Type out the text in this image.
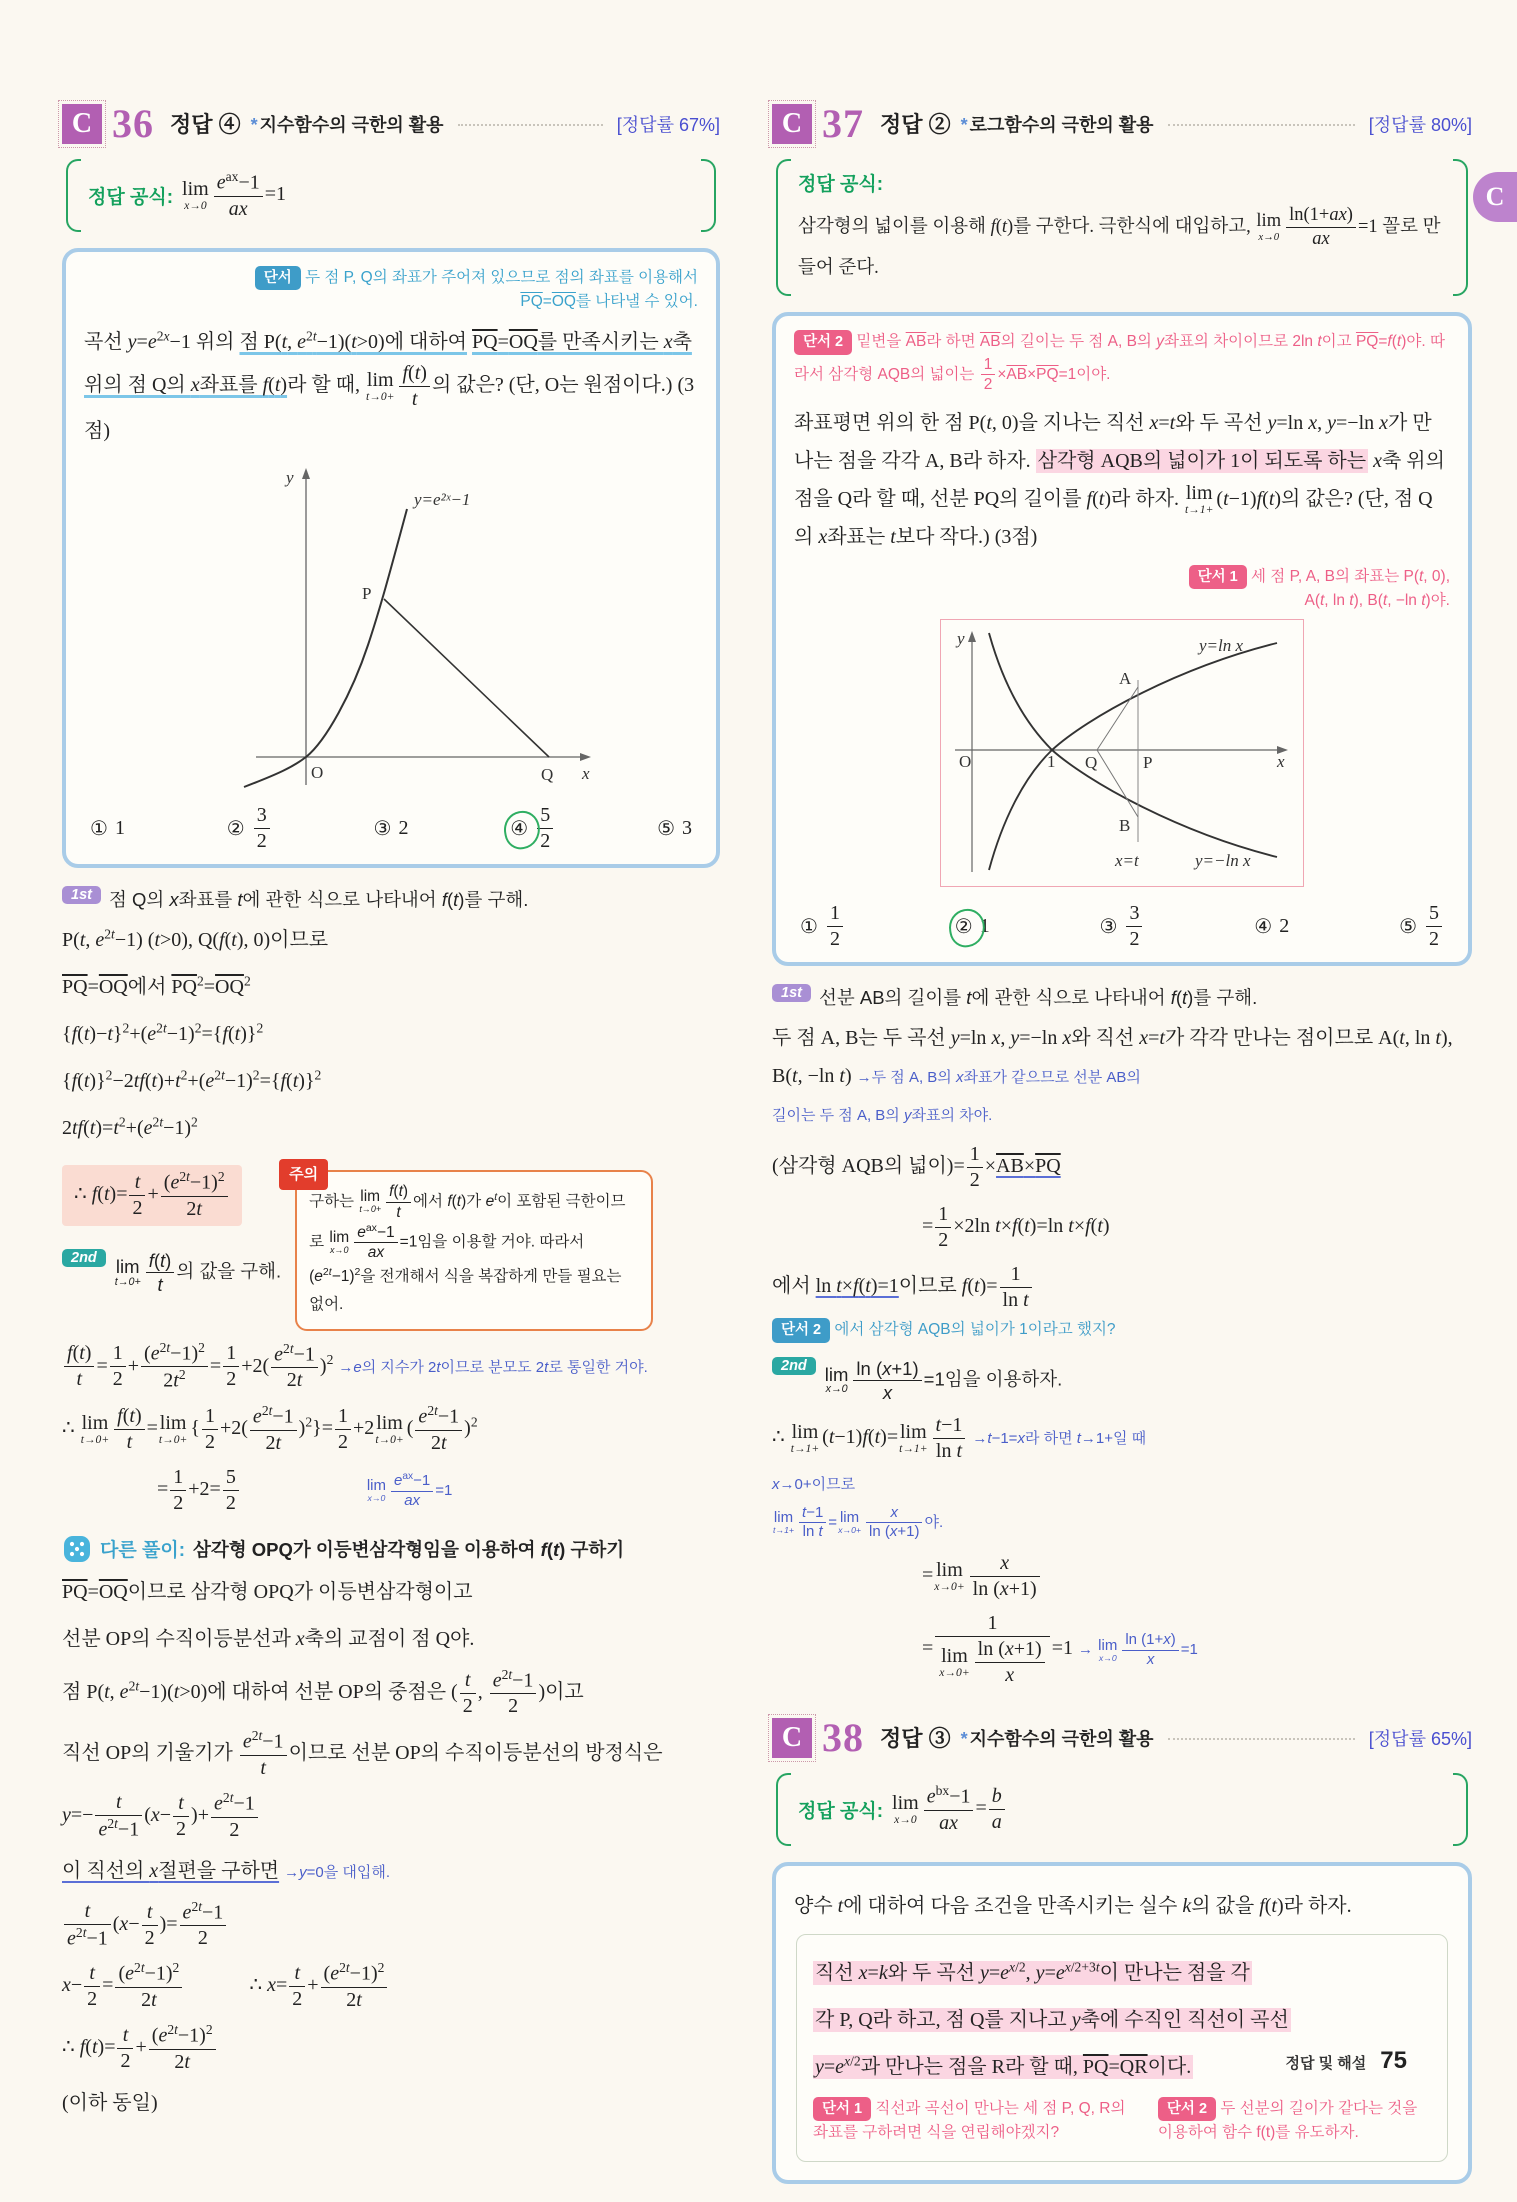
C 36 정답 ④ * 지수함수의 극한의 활용	[정답률 67%]
정답 공식: lim
x→0
$e^{ax}-1$
ax
=1
단서 두 점 P, Q의 좌표가 주어져 있으므로 점의 좌표를 이용해서
$\overline{PQ}=\overline{OQ}$를 나타낼 수 있어.
곡선 $y=e^{2x}-1$ 위의 점 P(t, $e^{2t}-1)(t>0)$에 대하여 PQ=OQ를 만족시키는 x축 위의 점 Q의 x좌표를 f(t)라 할 때, lim
$t\to 0+ \frac{f(t)}{t}$ 의 값은? (단, O는 원점이다.) (3점)
y
y=e²ˣ−1
P
O	Q x
① 1	② $\frac{3}{2}$	③ 2	④ $\frac{5}{2}$	⑤ 3
1st 점 Q의 x좌표를 t에 관한 식으로 나타내어 f(t)를 구해.
P(t, $e^{2t}-1$) (t>0), Q(f(t), 0)이므로
$\overline{PQ}=\overline{OQ}$에서 $\overline{PQ}^2=\overline{OQ}^2$
$\{f(t)-t\}^2+(e^{2t}-1)^2=\{f(t)\}^2$
$\{f(t)\}^2-2tf(t)+t^2+(e^{2t}-1)^2=\{f(t)\}^2$
$2tf(t)=t^2+(e^{2t}-1)^2$
∴ $f(t)= \frac{t}{2} + \frac{(e^{2t}-1)^2}{2t}$
2nd	lim
$t\to 0+ \frac{f(t)}{t}$ 의 값을 구해.
주의
구하는 lim
$t\to 0+ \frac{f(t)}{t}$ 에서 f(t)가 $e^t$이 포함된 극한이므로 lim
x→0
$e^{ax}-1$
ax
=1임을 이용할 거야. 따라서 $(e^{2t}-1)^2$을 전개해서 식을 복잡하게 만들 필요는 없어.
$\frac{f(t)}{t} = \frac{1}{2} + \frac{(e^{2t}-1)^2}{2t^2} = \frac{1}{2} +2( \frac{e^{2t}-1}{2t} )^2 \to e$의 지수가 2t이므로 분모도 2t로 통일한 거야.
∴ lim
$t\to 0+ \frac{f(t)}{t} =\lim$
t→0+
{ $\frac{1}{2} +2( \frac{e^{2t}-1}{2t} )^2\}= \frac{1}{2} +2\lim$
t→0+
( $\frac{e^{2t}-1}{2t} )^2$
= $\frac{1}{2} +2= \frac{5}{2}$	lim
x→0
$e^{ax}-1$
ax
=1
다른 풀이: 삼각형 OPQ가 이등변삼각형임을 이용하여 f(t) 구하기
$\overline{PQ}=\overline{OQ}$이므로 삼각형 OPQ가 이등변삼각형이고
선분 OP의 수직이등분선과 x축의 교점이 점 Q야.
점 P(t, $e^{2t}-1)(t>0)$에 대하여 선분 OP의 중점은 ( $\frac{t}{2}$ , $\frac{e^{2t}-1}{2}$ )이고
직선 OP의 기울기가 $\frac{e^{2t}-1}{t}$ 이므로 선분 OP의 수직이등분선의 방정식은
$y=- \frac{t}{e^{2t}-1} (x- \frac{t}{2}$ )+ $\frac{e^{2t}-1}{2}$
이 직선의 x절편을 구하면 →y=0을 대입해.
$\frac{t}{e^{2t}-1} (x- \frac{t}{2}$ )= $\frac{e^{2t}-1}{2}$
$x- \frac{t}{2} = \frac{(e^{2t}-1)^2}{2t}$	∴ $x= \frac{t}{2} + \frac{(e^{2t}-1)^2}{2t}$
∴ $f(t)= \frac{t}{2} + \frac{(e^{2t}-1)^2}{2t}$
(이하 동일)
C 37 정답 ② * 로그함수의 극한의 활용	[정답률 80%]
정답 공식:
삼각형의 넓이를 이용해 f(t)를 구한다. 극한식에 대입하고, lim
$x\to 0 \frac{\ln(1+ax)}{ax} =1$ 꼴로 만들어 준다.
단서 2 밑변을 $\overline{AB}$라 하면 $\overline{AB}$의 길이는 두 점 A, B의 y좌표의 차이이므로 2ln t이고 $\overline{PQ}=f(t)$야. 따라서 삼각형 AQB의 넓이는 $\frac{1}{2} \times\overline{AB}\times\overline{PQ}=1$이야.
좌표평면 위의 한 점 P(t, 0)을 지나는 직선 x=t와 두 곡선 y=ln x, y=−ln x가 만나는 점을 각각 A, B라 하자. 삼각형 AQB의 넓이가 1이 되도록 하는 x축 위의 점을 Q라 할 때, 선분 PQ의 길이를 f(t)라 하자. lim
t→1+
(t−1)f(t)의 값은? (단, 점 Q의 x좌표는 t보다 작다.) (3점)
단서 1 세 점 P, A, B의 좌표는 P(t, 0),
A(t, ln t), B(t, −ln t)야.
y	y=ln x
A
O	1 Q	P
B
x=t	y=−ln x
x
① $\frac{1}{2}$	② 1	③ $\frac{3}{2}$	④ 2	⑤ $\frac{5}{2}$
1st 선분 AB의 길이를 t에 관한 식으로 나타내어 f(t)를 구해.
두 점 A, B는 두 곡선 y=ln x, y=−ln x와 직선 x=t가 각각 만나는 점이므로 A(t, ln t), B(t, −ln t) →두 점 A, B의 x좌표가 같으므로 선분 AB의
길이는 두 점 A, B의 y좌표의 차야.
(삼각형 AQB의 넓이)= $\frac{1}{2} \times AB\times PQ$
= $\frac{1}{2} \times 2\ln$ t×f(t)=ln t×f(t)
에서 ln t×f(t)=1이므로 $f(t)= \frac{1}{\text{ln t}}$
단서 2 에서 삼각형 AQB의 넓이가 1이라고 했지?
2nd lim
$x\to 0 \frac{\ln (x+1)}{x} =1$임을 이용하자.
∴ lim
t→1+
(t−1)f(t)=lim
$t\to 1+ \frac{t-1}{\text{ln t}} \to t-1=x$라 하면 t→1+일 때
x→0+이므로
lim
$t\to 1+ \frac{t-1}{\text{ln t}} = \lim$
$x\to 0+ \frac{x}{\ln (x+1)}$ 야.
= lim
$x\to 0+ \frac{x}{\ln (x+1)}$
= 1
lim
$x\to 0+ \frac{\ln (x+1)}{x} =1 \to \lim$
$x\to 0 \frac{\ln (1+x)}{x} =1$
C 38 정답 ③ * 지수함수의 극한의 활용	[정답률 65%]
정답 공식: lim
x→0
$e^{bx}-1$
ax
= $\frac{b}{a}$
양수 t에 대하여 다음 조건을 만족시키는 실수 k의 값을 f(t)라 하자.
직선 x=k와 두 곡선 $y=e^{x/2}$, $y=e^{x/2+3t}$이 만나는 점을 각
각 P, Q라 하고, 점 Q를 지나고 y축에 수직인 직선이 곡선
$y=e^{x/2}$과 만나는 점을 R라 할 때, $\overline{PQ}=\overline{QR}$이다.
단서 1 직선과 곡선이 만나는 세 점 P, Q, R의 좌표를 구하려면 식을 연립해야겠지?
단서 2 두 선분의 길이가 같다는 것을 이용하여 함수 f(t)를 유도하자.
C
정답 및 해설 75
